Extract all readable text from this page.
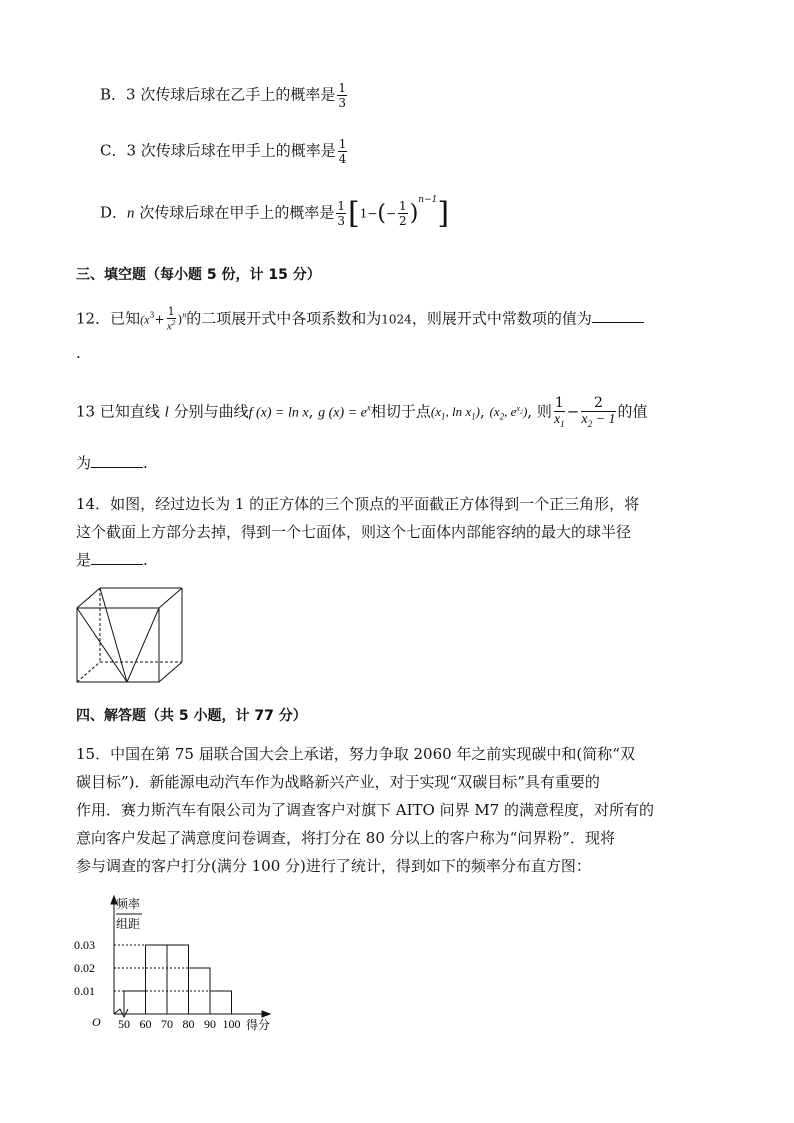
B．3 次传球后球在乙手上的概率是 $\frac{1}{3}$
C．3 次传球后球在甲手上的概率是 $\frac{1}{4}$
D．n 次传球后球在甲手上的概率是 $\frac{1}{3} [1-(- \frac{1}{2} )^{n-1}]$
三、填空题（每小题 5 份，计 15 分）
12．已知$(x^3+ \frac{1}{x^2} )^n$的二项展开式中各项系数和为1024，则展开式中常数项的值为
.
13 已知直线 l 分别与曲线f (x) = ln x, g $(x) = e^x$相切于点($x_1$, $\ln x_1$), ($x_2$, $e^{x_2}$), 则 $\frac{1}{x_1} - \frac{2}{x_2 - 1}$ 的值
为	.
14．如图，经过边长为 1 的正方体的三个顶点的平面截正方体得到一个正三角形，将
这个截面上方部分去掉，得到一个七面体，则这个七面体内部能容纳的最大的球半径
是	.
四、解答题（共 5 小题，计 77 分）
15．中国在第 75 届联合国大会上承诺，努力争取 2060 年之前实现碳中和(简称“双
碳目标”)．新能源电动汽车作为战略新兴产业，对于实现“双碳目标”具有重要的
作用．赛力斯汽车有限公司为了调查客户对旗下 AITO 问界 M7 的满意程度，对所有的
意向客户发起了满意度问卷调查，将打分在 80 分以上的客户称为“问界粉”．现将
参与调查的客户打分(满分 100 分)进行了统计，得到如下的频率分布直方图：
频率
组距
O	得分
0.01
0.02
0.03
50 60 70 80 90 100
